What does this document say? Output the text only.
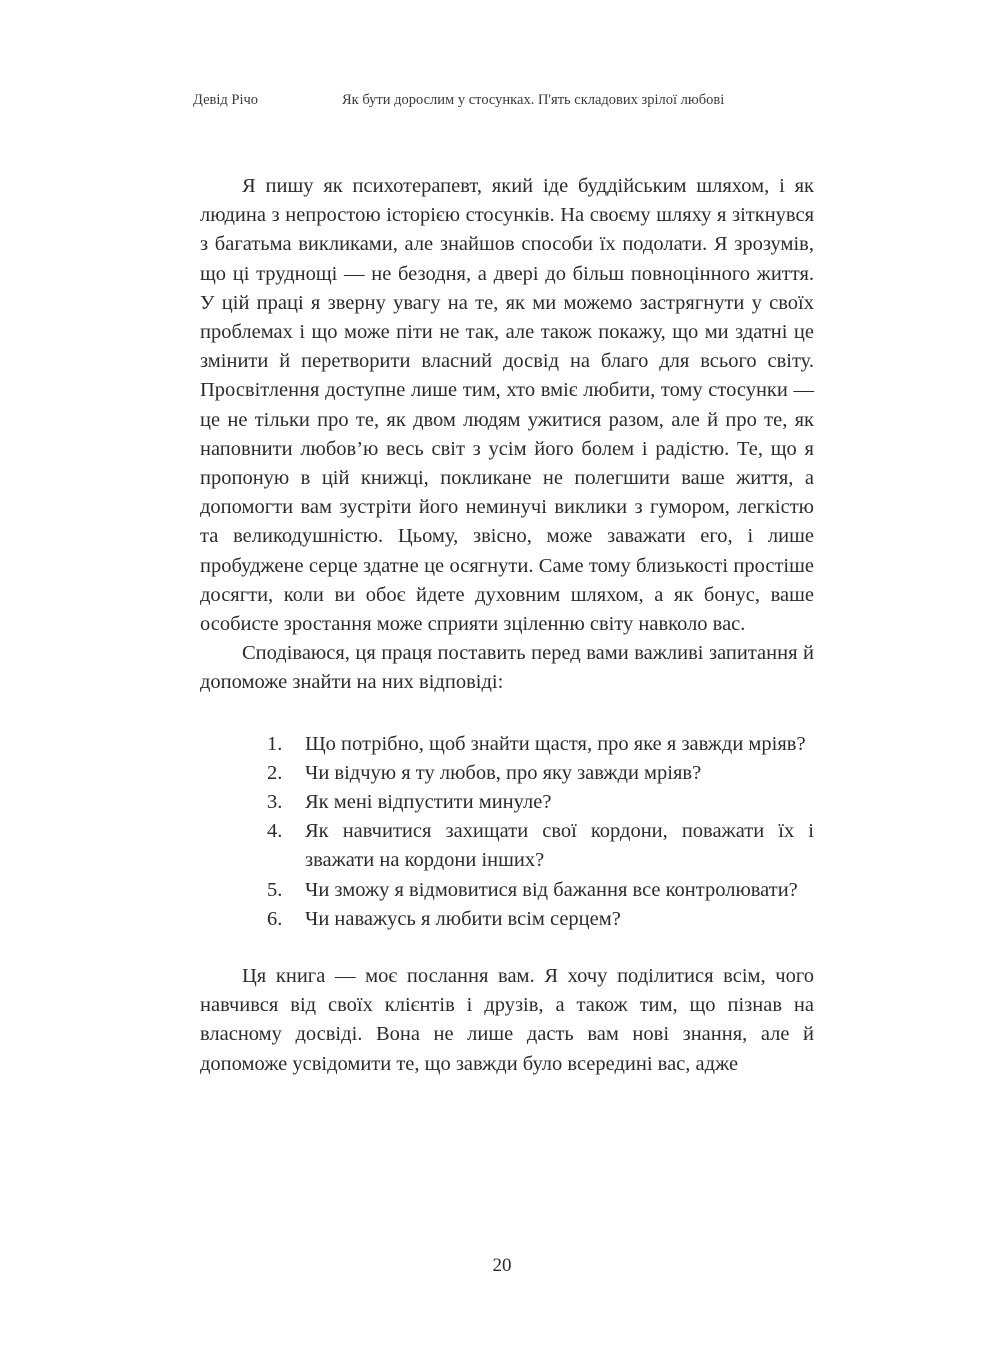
Девід Річо	Як бути дорослим у стосунках. П'ять складових зрілої любові

Я пишу як психотерапевт, який іде буддійським шляхом, і як людина з непростою історією стосунків. На своєму шляху я зіткнувся з багатьма викликами, але знайшов способи їх подолати. Я зрозумів, що ці труднощі — не безодня, а двері до більш повноцінного життя. У цій праці я зверну увагу на те, як ми можемо застрягнути у своїх проблемах і що може піти не так, але також покажу, що ми здатні це змінити й перетворити власний досвід на благо для всього світу. Просвітлення доступне лише тим, хто вміє любити, тому стосунки — це не тільки про те, як двом людям ужитися разом, але й про те, як наповнити любов’ю весь світ з усім його болем і радістю. Те, що я пропоную в цій книжці, покликане не полегшити ваше життя, а допомогти вам зустріти його неминучі виклики з гумором, легкістю та великодушністю. Цьому, звісно, може заважати его, і лише пробуджене серце здатне це осягнути. Саме тому близькості простіше досягти, коли ви обоє йдете духовним шляхом, а як бонус, ваше особисте зростання може сприяти зціленню світу навколо вас.

Сподіваюся, ця праця поставить перед вами важливі запитання й допоможе знайти на них відповіді:

1. Що потрібно, щоб знайти щастя, про яке я завжди мріяв?
2. Чи відчую я ту любов, про яку завжди мріяв?
3. Як мені відпустити минуле?
4. Як навчитися захищати свої кордони, поважати їх і зважати на кордони інших?
5. Чи зможу я відмовитися від бажання все контролювати?
6. Чи наважусь я любити всім серцем?

Ця книга — моє послання вам. Я хочу поділитися всім, чого навчився від своїх клієнтів і друзів, а також тим, що пізнав на власному досвіді. Вона не лише дасть вам нові знання, але й допоможе усвідомити те, що завжди було всередині вас, адже

20
